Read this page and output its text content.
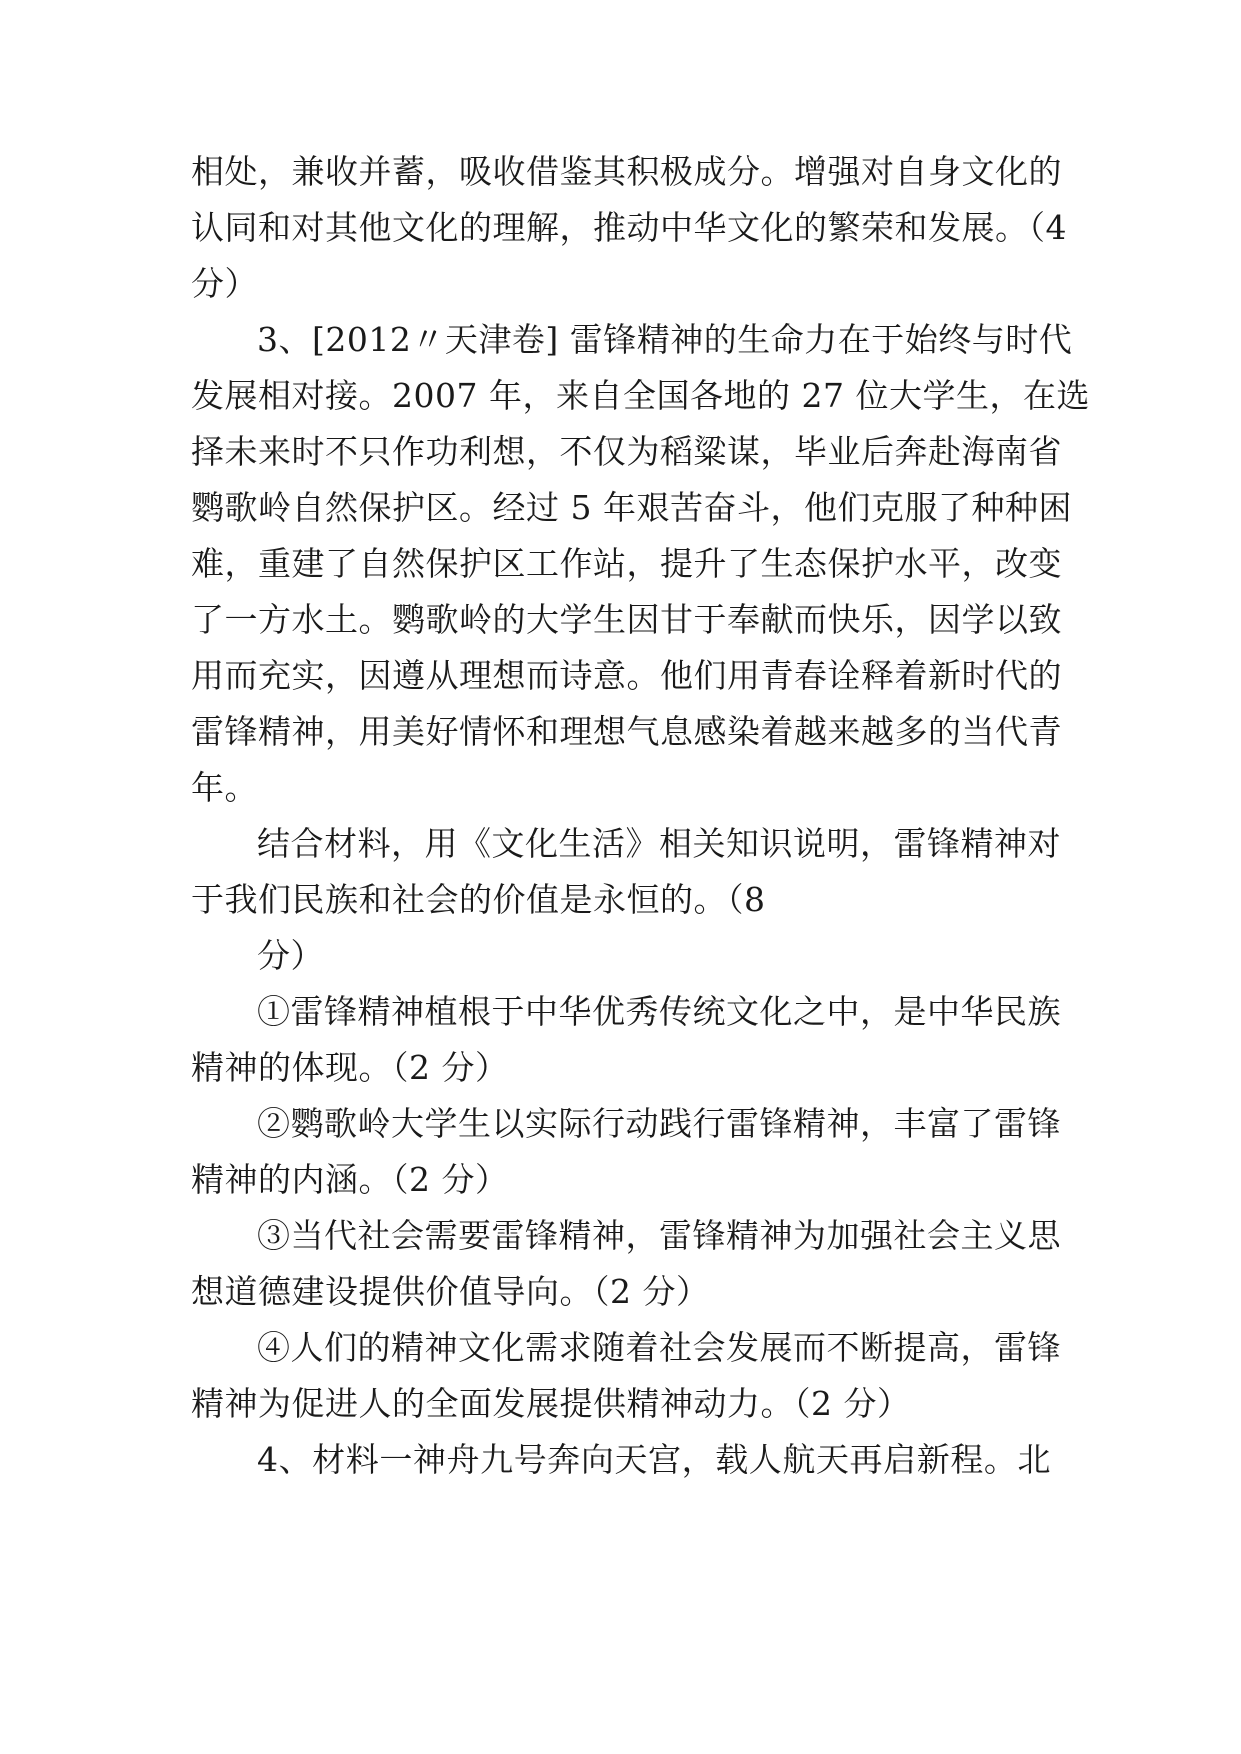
相处，兼收并蓄，吸收借鉴其积极成分。增强对自身文化的
认同和对其他文化的理解，推动中华文化的繁荣和发展。（4
分）
3、[2012〃天津卷] 雷锋精神的生命力在于始终与时代
发展相对接。2007 年，来自全国各地的 27 位大学生，在选
择未来时不只作功利想，不仅为稻粱谋，毕业后奔赴海南省
鹦歌岭自然保护区。经过 5 年艰苦奋斗，他们克服了种种困
难，重建了自然保护区工作站，提升了生态保护水平，改变
了一方水土。鹦歌岭的大学生因甘于奉献而快乐，因学以致
用而充实，因遵从理想而诗意。他们用青春诠释着新时代的
雷锋精神，用美好情怀和理想气息感染着越来越多的当代青
年。
结合材料，用《文化生活》相关知识说明，雷锋精神对
于我们民族和社会的价值是永恒的。（8
分）
①雷锋精神植根于中华优秀传统文化之中，是中华民族
精神的体现。（2 分）
②鹦歌岭大学生以实际行动践行雷锋精神，丰富了雷锋
精神的内涵。（2 分）
③当代社会需要雷锋精神，雷锋精神为加强社会主义思
想道德建设提供价值导向。（2 分）
④人们的精神文化需求随着社会发展而不断提高，雷锋
精神为促进人的全面发展提供精神动力。（2 分）
4、材料一神舟九号奔向天宫，载人航天再启新程。北
